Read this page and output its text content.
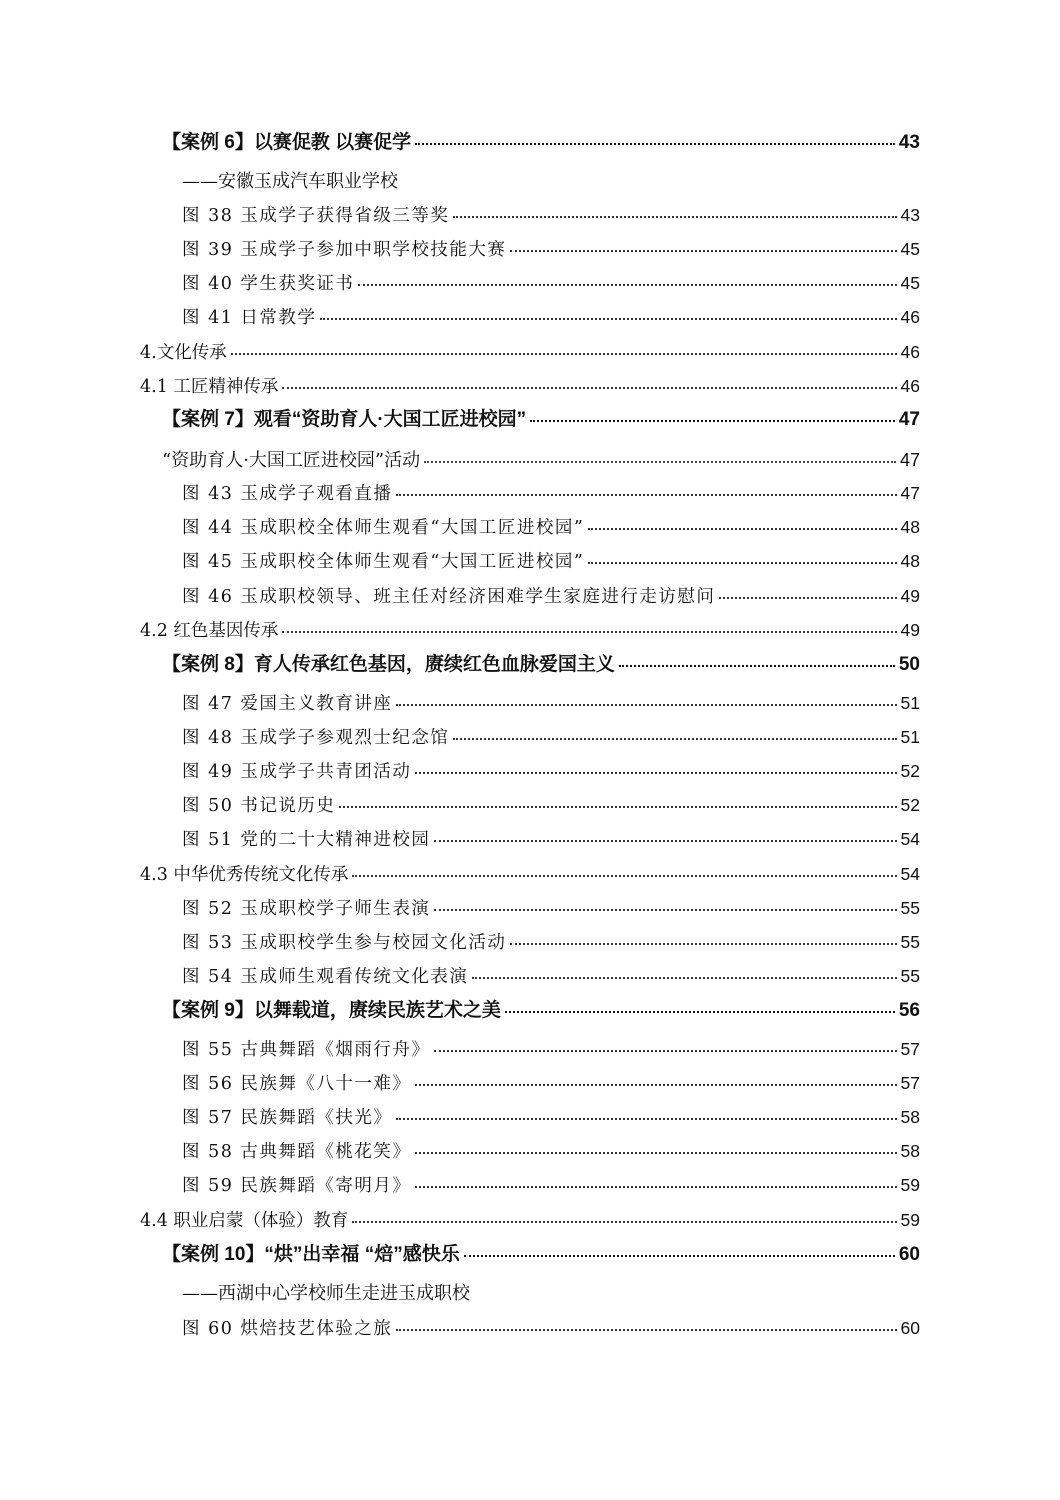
【案例 6】以赛促教 以赛促学	43
——安徽玉成汽车职业学校
图 38 玉成学子获得省级三等奖	43
图 39 玉成学子参加中职学校技能大赛	45
图 40 学生获奖证书	45
图 41 日常教学	46
4.文化传承	46
4.1 工匠精神传承	46
【案例 7】观看“资助育人·大国工匠进校园”	47
“资助育人·大国工匠进校园”活动	47
图 43 玉成学子观看直播	47
图 44 玉成职校全体师生观看“大国工匠进校园”	48
图 45 玉成职校全体师生观看“大国工匠进校园”	48
图 46 玉成职校领导、班主任对经济困难学生家庭进行走访慰问	49
4.2 红色基因传承	49
【案例 8】育人传承红色基因，赓续红色血脉爱国主义	50
图 47 爱国主义教育讲座	51
图 48 玉成学子参观烈士纪念馆	51
图 49 玉成学子共青团活动	52
图 50 书记说历史	52
图 51 党的二十大精神进校园	54
4.3 中华优秀传统文化传承	54
图 52 玉成职校学子师生表演	55
图 53 玉成职校学生参与校园文化活动	55
图 54 玉成师生观看传统文化表演	55
【案例 9】以舞载道，赓续民族艺术之美	56
图 55 古典舞蹈《烟雨行舟》	57
图 56 民族舞《八十一难》	57
图 57 民族舞蹈《扶光》	58
图 58 古典舞蹈《桃花笑》	58
图 59 民族舞蹈《寄明月》	59
4.4 职业启蒙（体验）教育	59
【案例 10】“烘”出幸福 “焙”感快乐	60
——西湖中心学校师生走进玉成职校
图 60 烘焙技艺体验之旅	60
